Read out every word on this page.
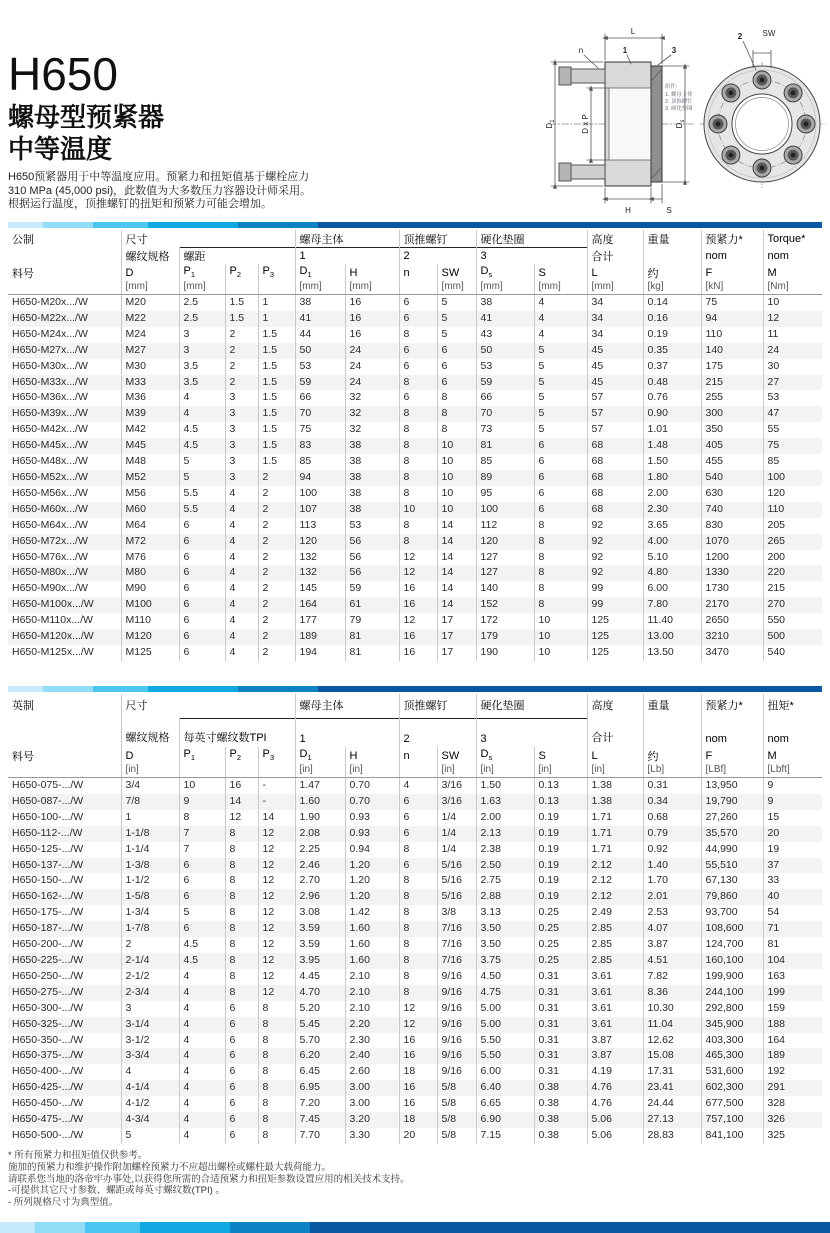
H650
螺母型预紧器
中等温度
H650预紧器用于中等温度应用。预紧力和扭矩值基于螺栓应力
310 MPa (45,000 psi)，此数值为大多数压力容器设计师采用。
根据运行温度，顶推螺钉的扭矩和预紧力可能会增加。
L
n	1	3
$D_1$	D x P	$D_s$
H	S
组件:
1. 螺母主体
2. 顶推螺钉
3. 硬化垫圈
2	SW
公制	尺寸				螺母主体		顶推螺钉		硬化垫圈		高度	重量	预紧力*	Torque*
	螺纹规格	螺距			1		2		3		合计		nom	nom
料号	D	$P_1$	$P_2$	$P_3$	$D_1$	H	n	SW	$D_s$	S	L	约	F	M
	[mm]	[mm]			[mm]	[mm]		[mm]	[mm]	[mm]	[mm]	[kg]	[kN]	[Nm]
H650-M20x.../W	M20	2.5	1.5	1	38	16	6	5	38	4	34	0.14	75	10
H650-M22x.../W	M22	2.5	1.5	1	41	16	6	5	41	4	34	0.16	94	12
H650-M24x.../W	M24	3	2	1.5	44	16	8	5	43	4	34	0.19	110	11
H650-M27x.../W	M27	3	2	1.5	50	24	6	6	50	5	45	0.35	140	24
H650-M30x.../W	M30	3.5	2	1.5	53	24	6	6	53	5	45	0.37	175	30
H650-M33x.../W	M33	3.5	2	1.5	59	24	8	6	59	5	45	0.48	215	27
H650-M36x.../W	M36	4	3	1.5	66	32	6	8	66	5	57	0.76	255	53
H650-M39x.../W	M39	4	3	1.5	70	32	8	8	70	5	57	0.90	300	47
H650-M42x.../W	M42	4.5	3	1.5	75	32	8	8	73	5	57	1.01	350	55
H650-M45x.../W	M45	4.5	3	1.5	83	38	8	10	81	6	68	1.48	405	75
H650-M48x.../W	M48	5	3	1.5	85	38	8	10	85	6	68	1.50	455	85
H650-M52x.../W	M52	5	3	2	94	38	8	10	89	6	68	1.80	540	100
H650-M56x.../W	M56	5.5	4	2	100	38	8	10	95	6	68	2.00	630	120
H650-M60x.../W	M60	5.5	4	2	107	38	10	10	100	6	68	2.30	740	110
H650-M64x.../W	M64	6	4	2	113	53	8	14	112	8	92	3.65	830	205
H650-M72x.../W	M72	6	4	2	120	56	8	14	120	8	92	4.00	1070	265
H650-M76x.../W	M76	6	4	2	132	56	12	14	127	8	92	5.10	1200	200
H650-M80x.../W	M80	6	4	2	132	56	12	14	127	8	92	4.80	1330	220
H650-M90x.../W	M90	6	4	2	145	59	16	14	140	8	99	6.00	1730	215
H650-M100x.../W	M100	6	4	2	164	61	16	14	152	8	99	7.80	2170	270
H650-M110x.../W	M110	6	4	2	177	79	12	17	172	10	125	11.40	2650	550
H650-M120x.../W	M120	6	4	2	189	81	16	17	179	10	125	13.00	3210	500
H650-M125x.../W	M125	6	4	2	194	81	16	17	190	10	125	13.50	3470	540
英制	尺寸				螺母主体		顶推螺钉		硬化垫圈		高度	重量	预紧力*	扭矩*
	螺纹规格	每英寸螺纹数TPI			1		2		3		合计		nom	nom
料号	D	$P_1$	$P_2$	$P_3$	$D_1$	H	n	SW	$D_s$	S	L	约	F	M
	[in]				[in]	[in]		[in]	[in]	[in]	[in]	[Lb]	[LBf]	[Lbft]
H650-075-.../W	3/4	10	16	-	1.47	0.70	4	3/16	1.50	0.13	1.38	0.31	13,950	9
H650-087-.../W	7/8	9	14	-	1.60	0.70	6	3/16	1.63	0.13	1.38	0.34	19,790	9
H650-100-.../W	1	8	12	14	1.90	0.93	6	1/4	2.00	0.19	1.71	0.68	27,260	15
H650-112-.../W	1-1/8	7	8	12	2.08	0.93	6	1/4	2.13	0.19	1.71	0.79	35,570	20
H650-125-.../W	1-1/4	7	8	12	2.25	0.94	8	1/4	2.38	0.19	1.71	0.92	44,990	19
H650-137-.../W	1-3/8	6	8	12	2.46	1.20	6	5/16	2.50	0.19	2.12	1.40	55,510	37
H650-150-.../W	1-1/2	6	8	12	2.70	1.20	8	5/16	2.75	0.19	2.12	1.70	67,130	33
H650-162-.../W	1-5/8	6	8	12	2.96	1.20	8	5/16	2.88	0.19	2.12	2.01	79,860	40
H650-175-.../W	1-3/4	5	8	12	3.08	1.42	8	3/8	3.13	0.25	2.49	2.53	93,700	54
H650-187-.../W	1-7/8	6	8	12	3.59	1.60	8	7/16	3.50	0.25	2.85	4.07	108,600	71
H650-200-.../W	2	4.5	8	12	3.59	1.60	8	7/16	3.50	0.25	2.85	3.87	124,700	81
H650-225-.../W	2-1/4	4.5	8	12	3.95	1.60	8	7/16	3.75	0.25	2.85	4.51	160,100	104
H650-250-.../W	2-1/2	4	8	12	4.45	2.10	8	9/16	4.50	0.31	3.61	7.82	199,900	163
H650-275-.../W	2-3/4	4	8	12	4.70	2.10	8	9/16	4.75	0.31	3.61	8.36	244,100	199
H650-300-.../W	3	4	6	8	5.20	2.10	12	9/16	5.00	0.31	3.61	10.30	292,800	159
H650-325-.../W	3-1/4	4	6	8	5.45	2.20	12	9/16	5.00	0.31	3.61	11.04	345,900	188
H650-350-.../W	3-1/2	4	6	8	5.70	2.30	16	9/16	5.50	0.31	3.87	12.62	403,300	164
H650-375-.../W	3-3/4	4	6	8	6.20	2.40	16	9/16	5.50	0.31	3.87	15.08	465,300	189
H650-400-.../W	4	4	6	8	6.45	2.60	18	9/16	6.00	0.31	4.19	17.31	531,600	192
H650-425-.../W	4-1/4	4	6	8	6.95	3.00	16	5/8	6.40	0.38	4.76	23.41	602,300	291
H650-450-.../W	4-1/2	4	6	8	7.20	3.00	16	5/8	6.65	0.38	4.76	24.44	677,500	328
H650-475-.../W	4-3/4	4	6	8	7.45	3.20	18	5/8	6.90	0.38	5.06	27.13	757,100	326
H650-500-.../W	5	4	6	8	7.70	3.30	20	5/8	7.15	0.38	5.06	28.83	841,100	325
* 所有预紧力和扭矩值仅供参考。
施加的预紧力和维护操作附加螺栓预紧力不应超出螺栓或螺柱最大载荷能力。
请联系您当地的洛帝牢办事处,以获得您所需的合适预紧力和扭矩参数设置应用的相关技术支持。
-可提供其它尺寸参数、螺距或每英寸螺纹数(TPI) 。
- 所列规格尺寸为典型值。
